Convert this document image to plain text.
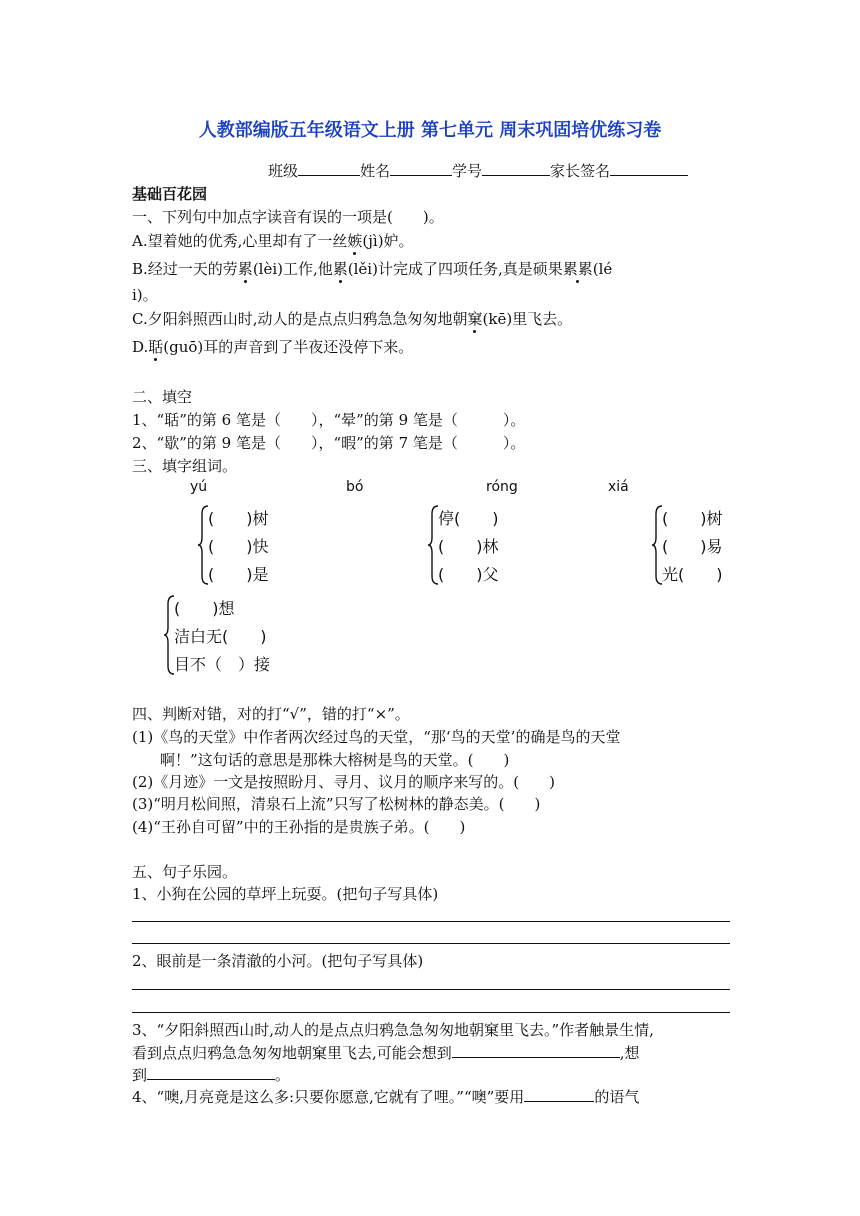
人教部编版五年级语文上册 第七单元 周末巩固培优练习卷
班级	姓名	学号	家长签名
基础百花园
一、下列句中加点字读音有误的一项是(　　)。
A.望着她的优秀,心里却有了一丝嫉(jì)妒。
B.经过一天的劳累(lèi)工作,他累(lěi)计完成了四项任务,真是硕果累累(lé
i)。
C.夕阳斜照西山时,动人的是点点归鸦急急匆匆地朝窠(kē)里飞去。
D.聒(guō)耳的声音到了半夜还没停下来。
二、填空
1、“聒”的第 6 笔是（　　），“晕”的第 9 笔是（　　　）。
2、“歇”的第 9 笔是（　　），“暇”的第 7 笔是（　　　）。
三、填字组词。
yú	bó	róng	xiá
(　　)树
(　　)快
(　　)是
停(　　)
(　　)林
(　　)父
(　　)树
(　　)易
光(　　)
(　　)想
洁白无(　　)
目不（　）接
四、判断对错，对的打“√”，错的打“×”。
(1)《鸟的天堂》中作者两次经过鸟的天堂，“那‘鸟的天堂’的确是鸟的天堂
啊！”这句话的意思是那株大榕树是鸟的天堂。(　　)
(2)《月迹》一文是按照盼月、寻月、议月的顺序来写的。(　　)
(3)“明月松间照，清泉石上流”只写了松树林的静态美。(　　)
(4)“王孙自可留”中的王孙指的是贵族子弟。(　　)
五、句子乐园。
1、小狗在公园的草坪上玩耍。(把句子写具体)
2、眼前是一条清澈的小河。(把句子写具体)
3、“夕阳斜照西山时,动人的是点点归鸦急急匆匆地朝窠里飞去。”作者触景生情,
看到点点归鸦急急匆匆地朝窠里飞去,可能会想到	,想
到	。
4、“噢,月亮竟是这么多:只要你愿意,它就有了哩。”“噢”要用	的语气
